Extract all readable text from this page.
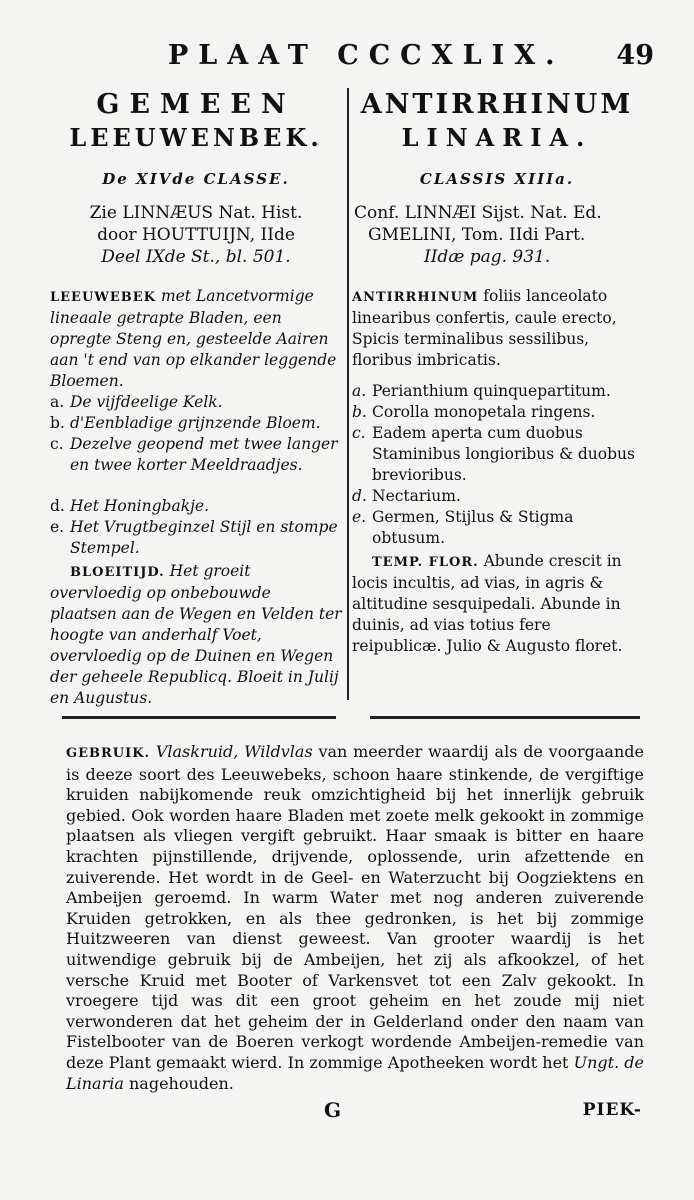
PLAAT CCCXLIX. 49

GEMEEN

LEEUWENBEK.

De XIVde CLASSE.

Zie LINNÆUS Nat. Hist.
door HOUTTUIJN, IIde
Deel IXde St., bl. 501.

LEEUWEBEK met Lancetvormige lineaale getrapte Bladen, een opregte Steng en, gesteelde Aairen aan 't end van op elkander leggende Bloemen.

a. De vijfdeelige Kelk.
b. d'Eenbladige grijnzende Bloem.
c. Dezelve geopend met twee langer en twee korter Meeldraadjes.
d. Het Honingbakje.
e. Het Vrugtbeginzel Stijl en stompe Stempel.

BLOEITIJD. Het groeit overvloedig op onbebouwde plaatsen aan de Wegen en Velden ter hoogte van anderhalf Voet, overvloedig op de Duinen en Wegen der geheele Republicq. Bloeit in Julij en Augustus.

ANTIRRHINUM

LINARIA.

CLASSIS XIIIa.

Conf. LINNÆI Sijst. Nat. Ed.
GMELINI, Tom. IIdi Part.
IIdæ pag. 931.

ANTIRRHINUM foliis lanceolato linearibus confertis, caule erecto, Spicis terminalibus sessilibus, floribus imbricatis.

a. Perianthium quinquepartitum.
b. Corolla monopetala ringens.
c. Eadem aperta cum duobus Staminibus longioribus & duobus brevioribus.
d. Nectarium.
e. Germen, Stijlus & Stigma obtusum.

TEMP. FLOR. Abunde crescit in locis incultis, ad vias, in agris & altitudine sesquipedali. Abunde in duinis, ad vias totius fere reipublicæ. Julio & Augusto floret.

GEBRUIK. Vlaskruid, Wildvlas van meerder waardij als de voorgaande is deeze soort des Leeuwebeks, schoon haare stinkende, de vergiftige kruiden nabijkomende reuk omzichtigheid bij het innerlijk gebruik gebied. Ook worden haare Bladen met zoete melk gekookt in zommige plaatsen als vliegen vergift gebruikt. Haar smaak is bitter en haare krachten pijnstillende, drijvende, oplossende, urin afzettende en zuiverende. Het wordt in de Geel- en Waterzucht bij Oogziektens en Ambeijen geroemd. In warm Water met nog anderen zuiverende Kruiden getrokken, en als thee gedronken, is het bij zommige Huitzweeren van dienst geweest. Van grooter waardij is het uitwendige gebruik bij de Ambeijen, het zij als afkookzel, of het versche Kruid met Booter of Varkensvet tot een Zalv gekookt. In vroegere tijd was dit een groot geheim en het zoude mij niet verwonderen dat het geheim der in Gelderland onder den naam van Fistelbooter van de Boeren verkogt wordende Ambeijen-remedie van deze Plant gemaakt wierd. In zommige Apotheeken wordt het Ungt. de Linaria nagehouden.

G	PIEK-
